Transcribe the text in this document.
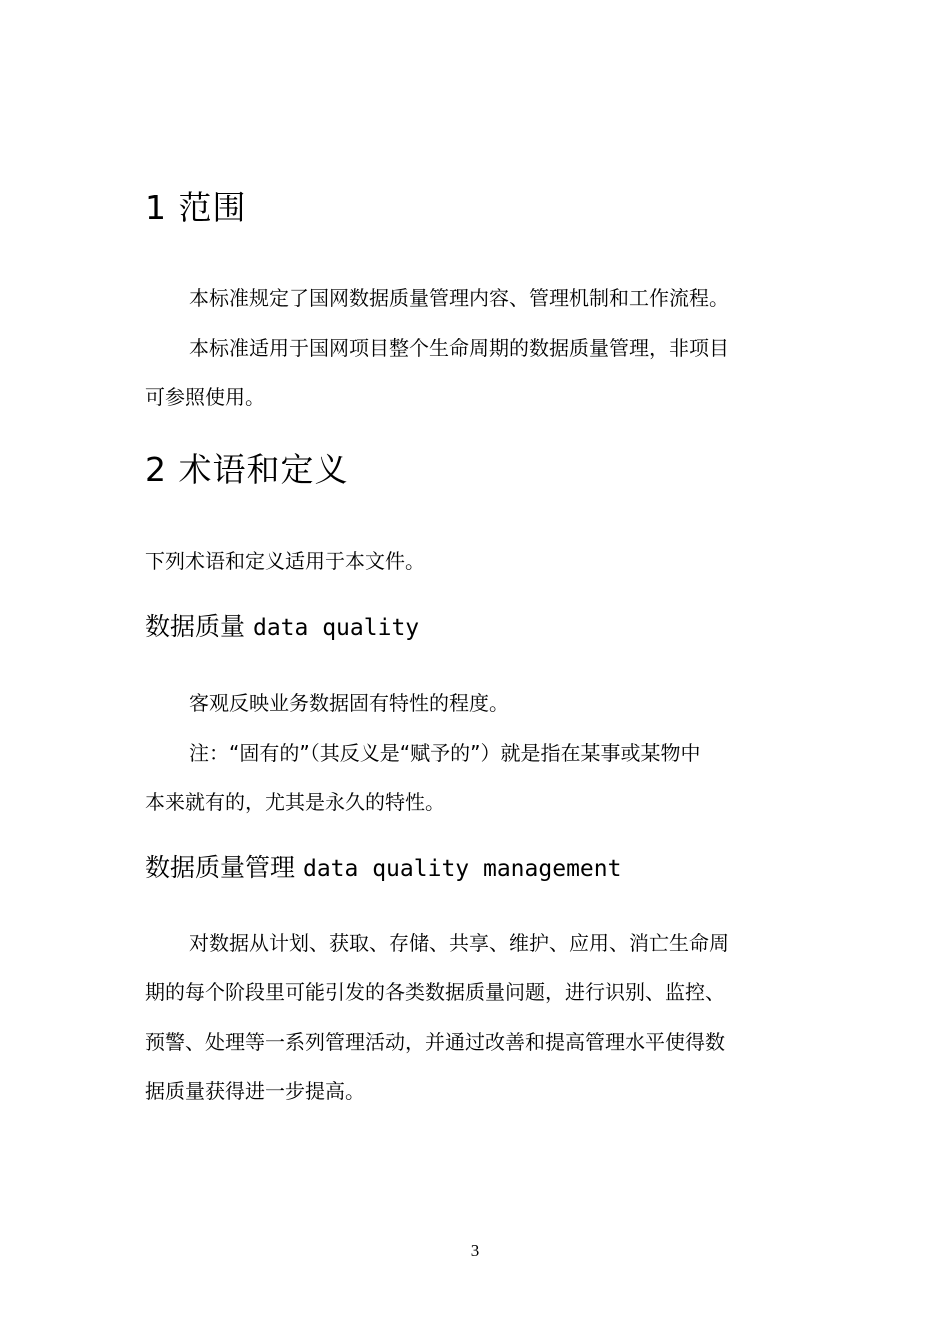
1 范围
本标准规定了国网数据质量管理内容、管理机制和工作流程。
本标准适用于国网项目整个生命周期的数据质量管理，非项目
可参照使用。
2 术语和定义
下列术语和定义适用于本文件。
数据质量 data quality
客观反映业务数据固有特性的程度。
注：“固有的”（其反义是“赋予的”）就是指在某事或某物中
本来就有的，尤其是永久的特性。
数据质量管理 data quality management
对数据从计划、获取、存储、共享、维护、应用、消亡生命周
期的每个阶段里可能引发的各类数据质量问题，进行识别、监控、
预警、处理等一系列管理活动，并通过改善和提高管理水平使得数
据质量获得进一步提高。
3
